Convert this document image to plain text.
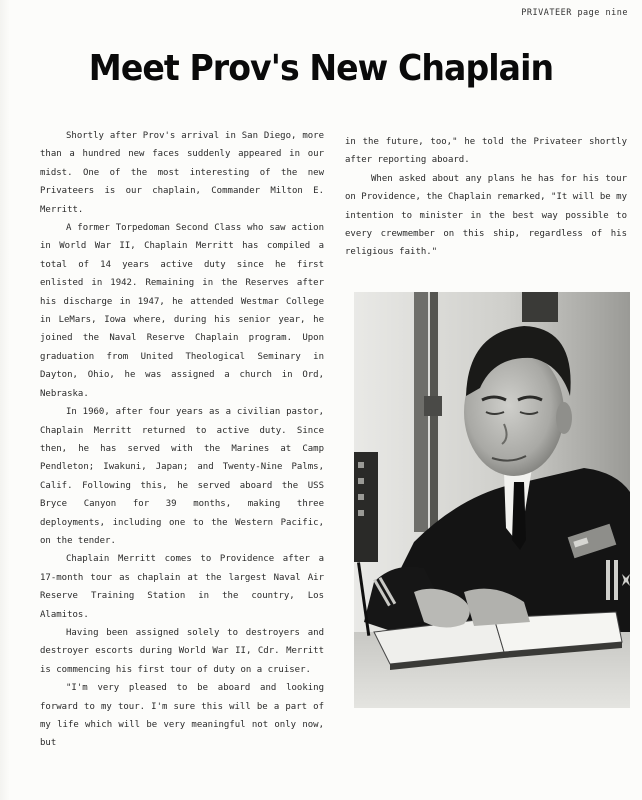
PRIVATEER page nine
Meet Prov's New Chaplain

Shortly after Prov's arrival in San Diego, more than a hundred new faces suddenly appeared in our midst. One of the most interesting of the new Privateers is our chaplain, Commander Milton E. Merritt.

A former Torpedoman Second Class who saw action in World War II, Chaplain Merritt has compiled a total of 14 years active duty since he first enlisted in 1942. Remaining in the Reserves after his discharge in 1947, he attended Westmar College in LeMars, Iowa where, during his senior year, he joined the Naval Reserve Chaplain program. Upon graduation from United Theological Seminary in Dayton, Ohio, he was assigned a church in Ord, Nebraska.

In 1960, after four years as a civilian pastor, Chaplain Merritt returned to active duty. Since then, he has served with the Marines at Camp Pendleton; Iwakuni, Japan; and Twenty-Nine Palms, Calif. Following this, he served aboard the USS Bryce Canyon for 39 months, making three deployments, including one to the Western Pacific, on the tender.

Chaplain Merritt comes to Providence after a 17-month tour as chaplain at the largest Naval Air Reserve Training Station in the country, Los Alamitos.

Having been assigned solely to destroyers and destroyer escorts during World War II, Cdr. Merritt is commencing his first tour of duty on a cruiser.

"I'm very pleased to be aboard and looking forward to my tour. I'm sure this will be a part of my life which will be very meaningful not only now, but

in the future, too," he told the Privateer shortly after reporting aboard.

When asked about any plans he has for his tour on Providence, the Chaplain remarked, "It will be my intention to minister in the best way possible to every crewmember on this ship, regardless of his religious faith."
